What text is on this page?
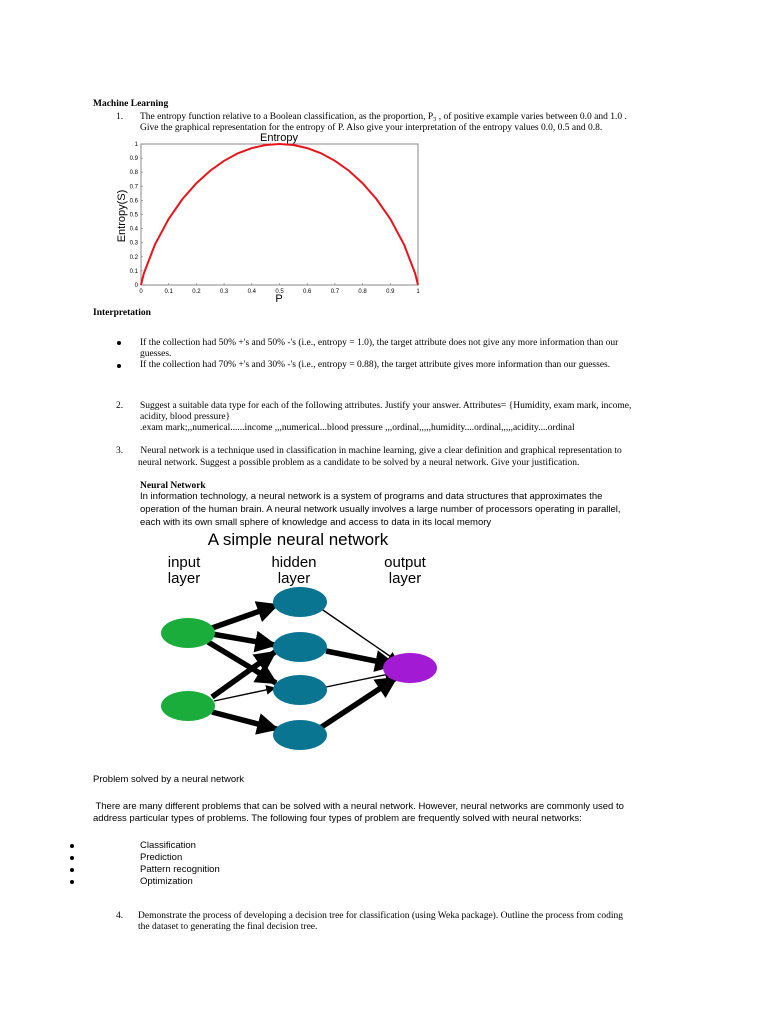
Machine Learning
1.	The entropy function relative to a Boolean classification, as the proportion, P₃ , of positive example varies between 0.0 and 1.0 .
Give the graphical representation for the entropy of P. Also give your interpretation of the entropy values 0.0, 0.5 and 0.8.
Entropy
0	0.1	0.2	0.3	0.4	0.5	0.6	0.7	0.8	0.9	1
0
0.1
0.2
0.3
0.4
0.5
0.6
0.7
0.8
0.9
1
P
Entropy(S)
Interpretation
If the collection had 50% +'s and 50% -'s (i.e., entropy = 1.0), the target attribute does not give any more information than our
guesses.
If the collection had 70% +'s and 30% -'s (i.e., entropy = 0.88), the target attribute gives more information than our guesses.
2.	Suggest a suitable data type for each of the following attributes. Justify your answer. Attributes= {Humidity, exam mark, income,
acidity, blood pressure}
.exam mark;,,numerical......income ,,,numerical...blood pressure ,,,ordinal,,,,,humidity....ordinal,,,,,acidity....ordinal
3.	Neural network is a technique used in classification in machine learning, give a clear definition and graphical representation to
neural network. Suggest a possible problem as a candidate to be solved by a neural network. Give your justification.
Neural Network
In information technology, a neural network is a system of programs and data structures that approximates the
operation of the human brain. A neural network usually involves a large number of processors operating in parallel,
each with its own small sphere of knowledge and access to data in its local memory
A simple neural network
input
layer
hidden
layer
output
layer
Problem solved by a neural network
There are many different problems that can be solved with a neural network. However, neural networks are commonly used to
address particular types of problems. The following four types of problem are frequently solved with neural networks:
Classification
Prediction
Pattern recognition
Optimization
4.	Demonstrate the process of developing a decision tree for classification (using Weka package). Outline the process from coding
the dataset to generating the final decision tree.
